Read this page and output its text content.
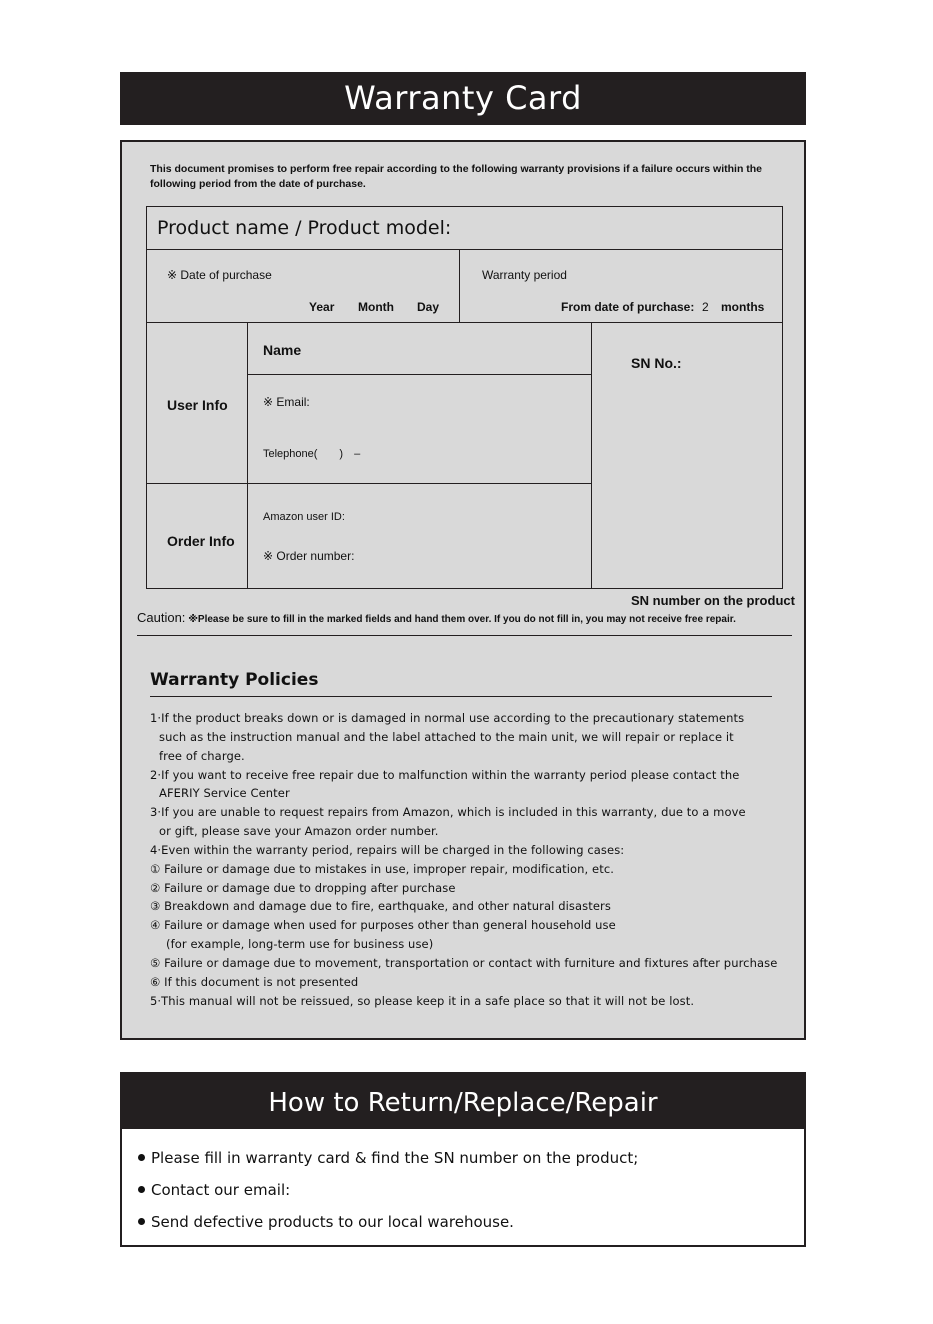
Warranty Card
This document promises to perform free repair according to the following warranty provisions if a failure occurs within the following period from the date of purchase.
Product name / Product model:
※ Date of purchase
Year Month Day
Warranty period
From date of purchase: 2 months
User Info
Name
※ Email:
Telephone(　　)　–
Order Info
Amazon user ID:
※ Order number:
SN No.:
SN number on the product
Caution: ※Please be sure to fill in the marked fields and hand them over. If you do not fill in, you may not receive free repair.
Warranty Policies
1·If the product breaks down or is damaged in normal use according to the precautionary statements
such as the instruction manual and the label attached to the main unit, we will repair or replace it
free of charge.
2·If you want to receive free repair due to malfunction within the warranty period please contact the
AFERIY Service Center
3·If you are unable to request repairs from Amazon, which is included in this warranty, due to a move
or gift, please save your Amazon order number.
4·Even within the warranty period, repairs will be charged in the following cases:
① Failure or damage due to mistakes in use, improper repair, modification, etc.
② Failure or damage due to dropping after purchase
③ Breakdown and damage due to fire, earthquake, and other natural disasters
④ Failure or damage when used for purposes other than general household use
(for example, long-term use for business use)
⑤ Failure or damage due to movement, transportation or contact with furniture and fixtures after purchase
⑥ If this document is not presented
5·This manual will not be reissued, so please keep it in a safe place so that it will not be lost.
How to Return/Replace/Repair
Please fill in warranty card & find the SN number on the product;
Contact our email:
Send defective products to our local warehouse.
